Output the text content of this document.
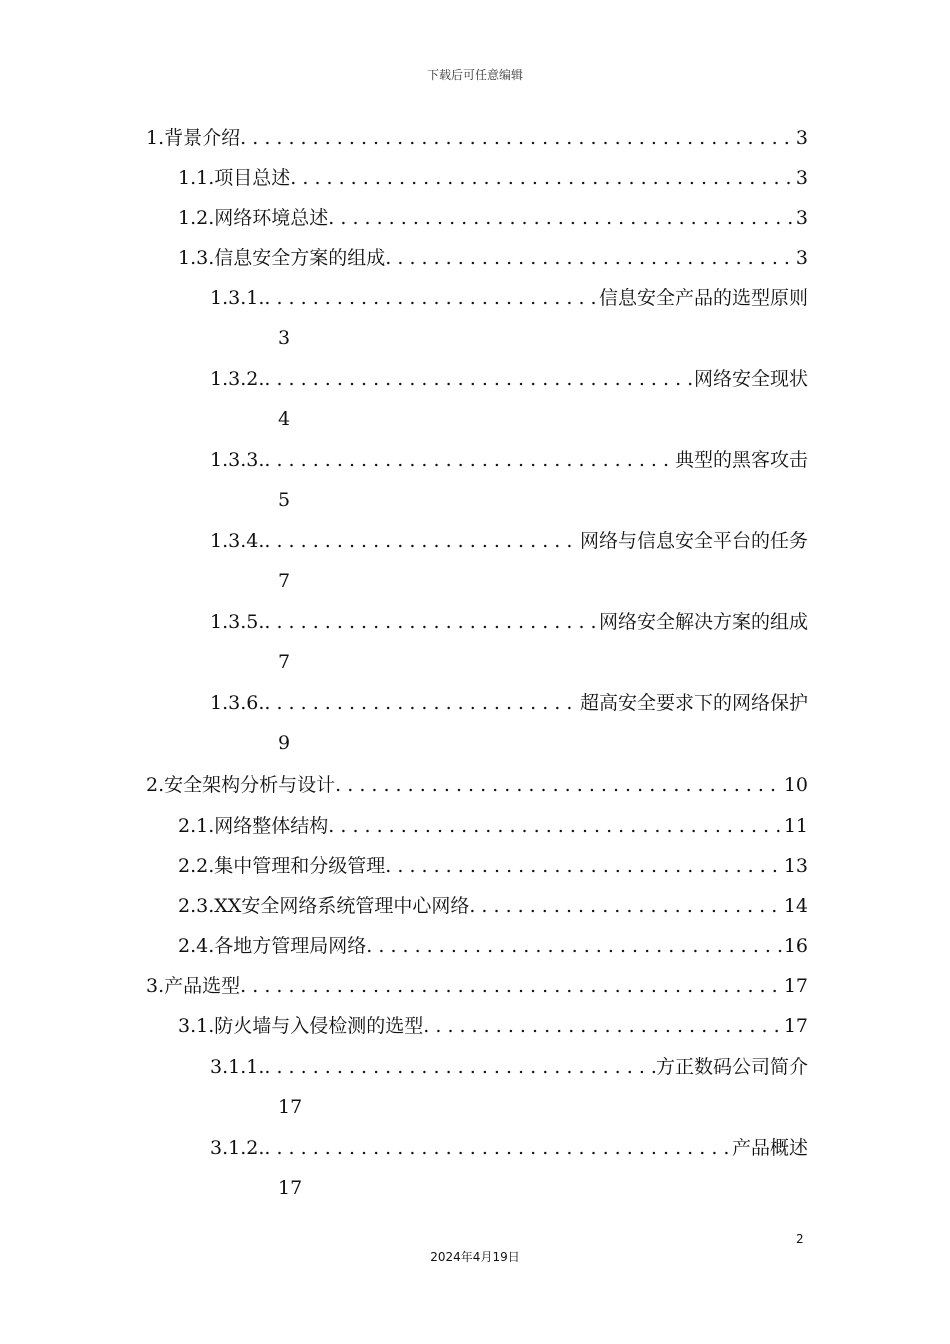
下载后可任意编辑
1. 背景介绍 . . .	3
1.1. 项目总述 . . .	3
1.2. 网络环境总述 . . .	3
1.3. 信息安全方案的组成 . . .	3
1.3.1. . . .	信息安全产品的选型原则
3
1.3.2. . . .	网络安全现状
4
1.3.3. . . .	典型的黑客攻击
5
1.3.4. . . .	网络与信息安全平台的任务
7
1.3.5. . . .	网络安全解决方案的组成
7
1.3.6. . . .	超高安全要求下的网络保护
9
2. 安全架构分析与设计 . . .	10
2.1. 网络整体结构 . . .	11
2.2. 集中管理和分级管理 . . .	13
2.3. XX安全网络系统管理中心网络 . . .	14
2.4. 各地方管理局网络 . . .	16
3. 产品选型 . . .	17
3.1. 防火墙与入侵检测的选型 . . .	17
3.1.1. . . .	方正数码公司简介
17
3.1.2. . . .	产品概述
17
2
2024年4月19日
